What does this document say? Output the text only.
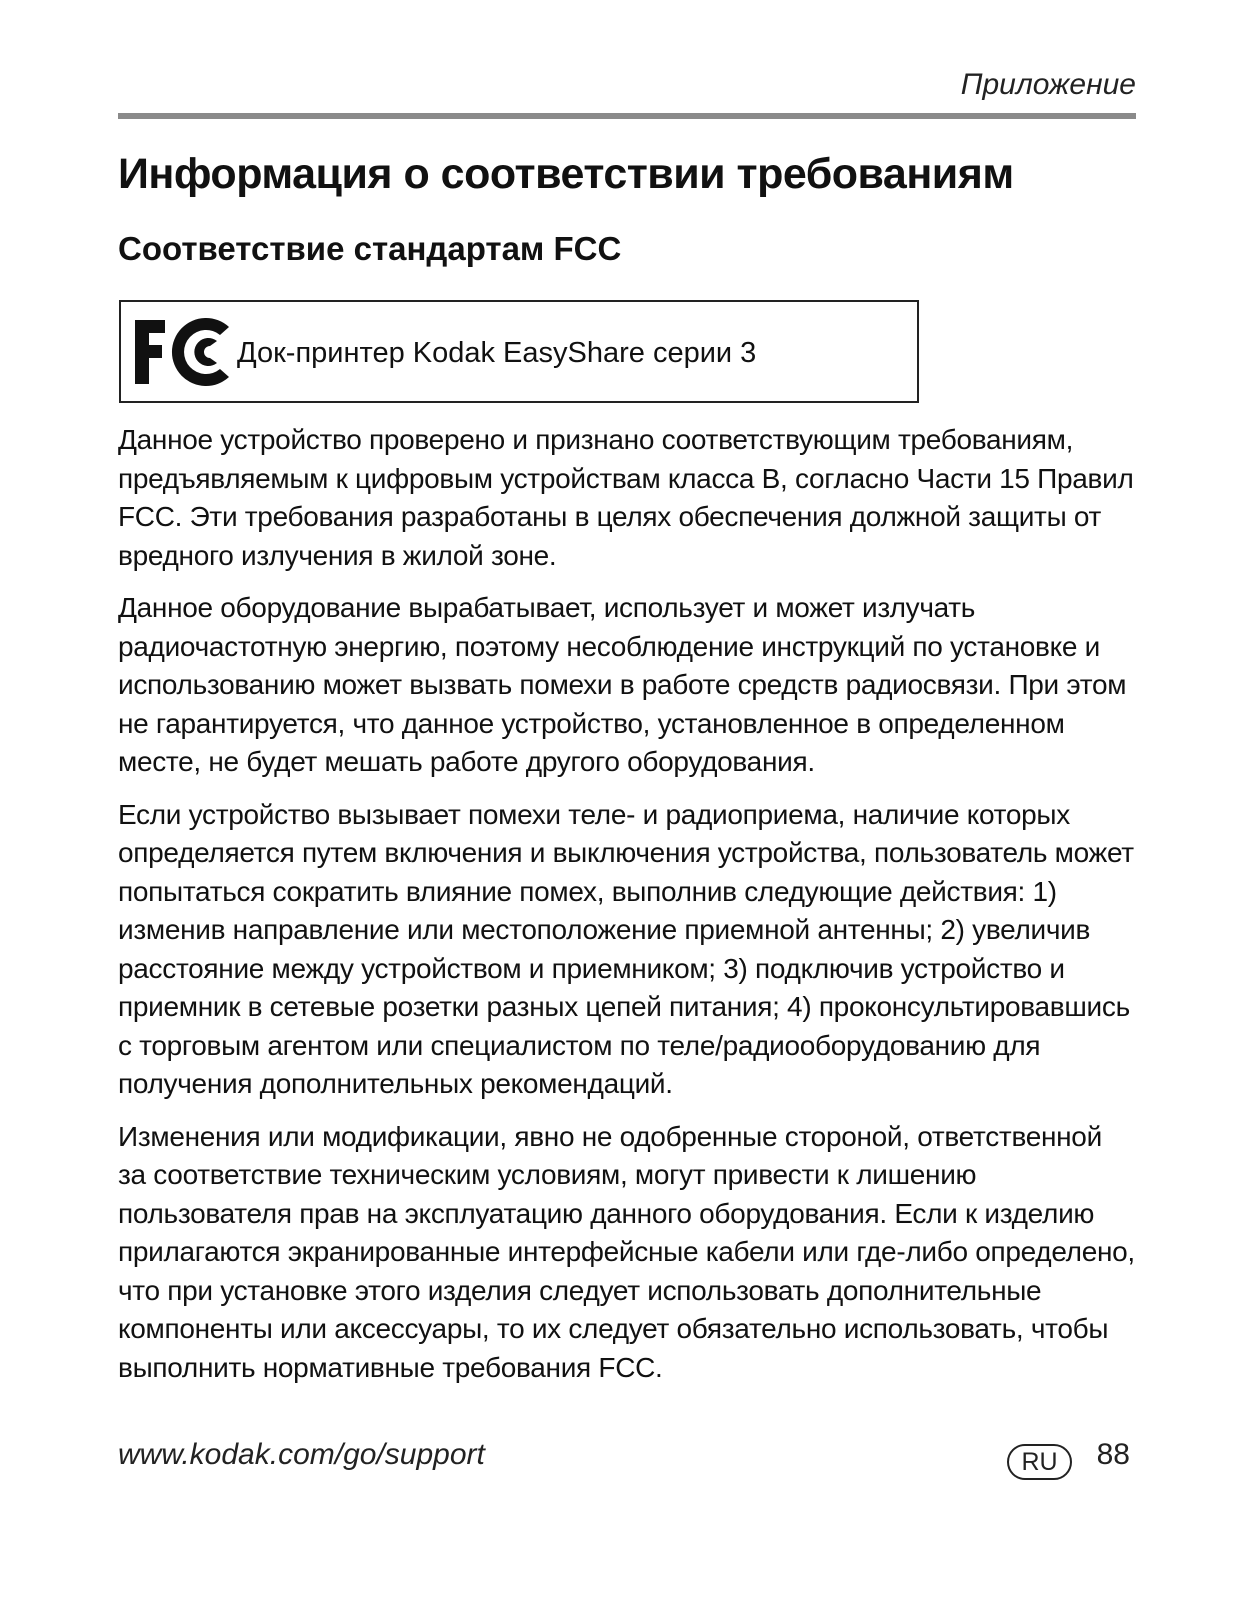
Приложение
Информация о соответствии требованиям
Соответствие стандартам FCC
Док-принтер Kodak EasyShare серии 3

Данное устройство проверено и признано соответствующим требованиям, предъявляемым к цифровым устройствам класса B, согласно Части 15 Правил FCC. Эти требования разработаны в целях обеспечения должной защиты от вредного излучения в жилой зоне.

Данное оборудование вырабатывает, использует и может излучать радиочастотную энергию, поэтому несоблюдение инструкций по установке и использованию может вызвать помехи в работе средств радиосвязи. При этом не гарантируется, что данное устройство, установленное в определенном месте, не будет мешать работе другого оборудования.

Если устройство вызывает помехи теле- и радиоприема, наличие которых определяется путем включения и выключения устройства, пользователь может попытаться сократить влияние помех, выполнив следующие действия: 1) изменив направление или местоположение приемной антенны; 2) увеличив расстояние между устройством и приемником; 3) подключив устройство и приемник в сетевые розетки разных цепей питания; 4) проконсультировавшись с торговым агентом или специалистом по теле/радиооборудованию для получения дополнительных рекомендаций.

Изменения или модификации, явно не одобренные стороной, ответственной за соответствие техническим условиям, могут привести к лишению пользователя прав на эксплуатацию данного оборудования. Если к изделию прилагаются экранированные интерфейсные кабели или где-либо определено, что при установке этого изделия следует использовать дополнительные компоненты или аксессуары, то их следует обязательно использовать, чтобы выполнить нормативные требования FCC.

www.kodak.com/go/support	RU	88
